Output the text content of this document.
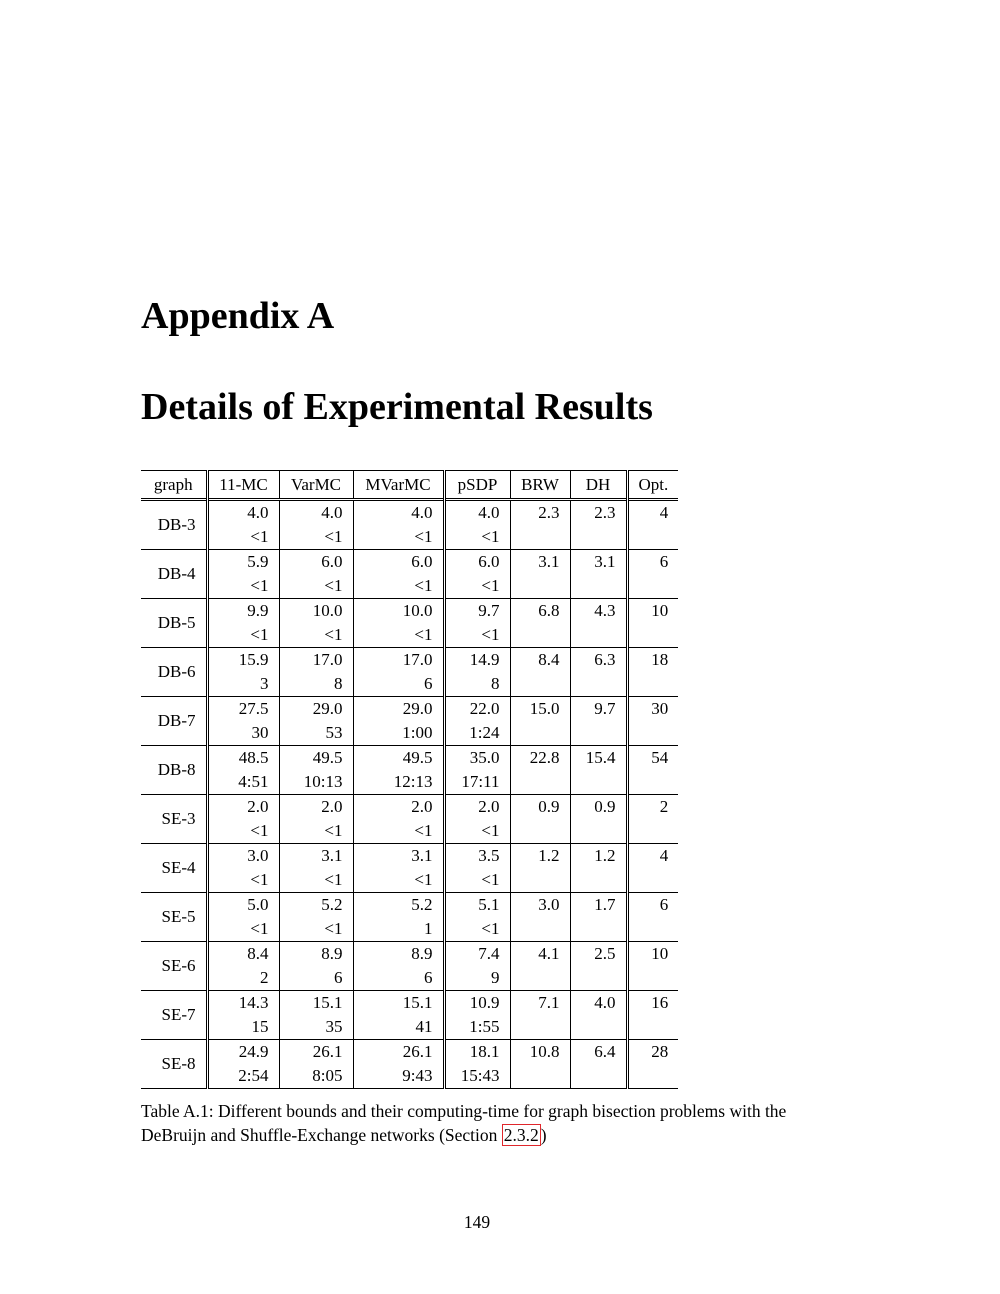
Appendix A
Details of Experimental Results
graph	11-MC	VarMC	MVarMC	pSDP	BRW	DH	Opt.
DB-3	4.0	4.0	4.0	4.0	2.3	2.3	4
	<1	<1	<1	<1			
DB-4	5.9	6.0	6.0	6.0	3.1	3.1	6
	<1	<1	<1	<1			
DB-5	9.9	10.0	10.0	9.7	6.8	4.3	10
	<1	<1	<1	<1			
DB-6	15.9	17.0	17.0	14.9	8.4	6.3	18
	3	8	6	8			
DB-7	27.5	29.0	29.0	22.0	15.0	9.7	30
	30	53	1:00	1:24			
DB-8	48.5	49.5	49.5	35.0	22.8	15.4	54
	4:51	10:13	12:13	17:11			
SE-3	2.0	2.0	2.0	2.0	0.9	0.9	2
	<1	<1	<1	<1			
SE-4	3.0	3.1	3.1	3.5	1.2	1.2	4
	<1	<1	<1	<1			
SE-5	5.0	5.2	5.2	5.1	3.0	1.7	6
	<1	<1	1	<1			
SE-6	8.4	8.9	8.9	7.4	4.1	2.5	10
	2	6	6	9			
SE-7	14.3	15.1	15.1	10.9	7.1	4.0	16
	15	35	41	1:55			
SE-8	24.9	26.1	26.1	18.1	10.8	6.4	28
	2:54	8:05	9:43	15:43			

Table A.1: Different bounds and their computing-time for graph bisection problems with the DeBruijn and Shuffle-Exchange networks (Section 2.3.2 )

149
